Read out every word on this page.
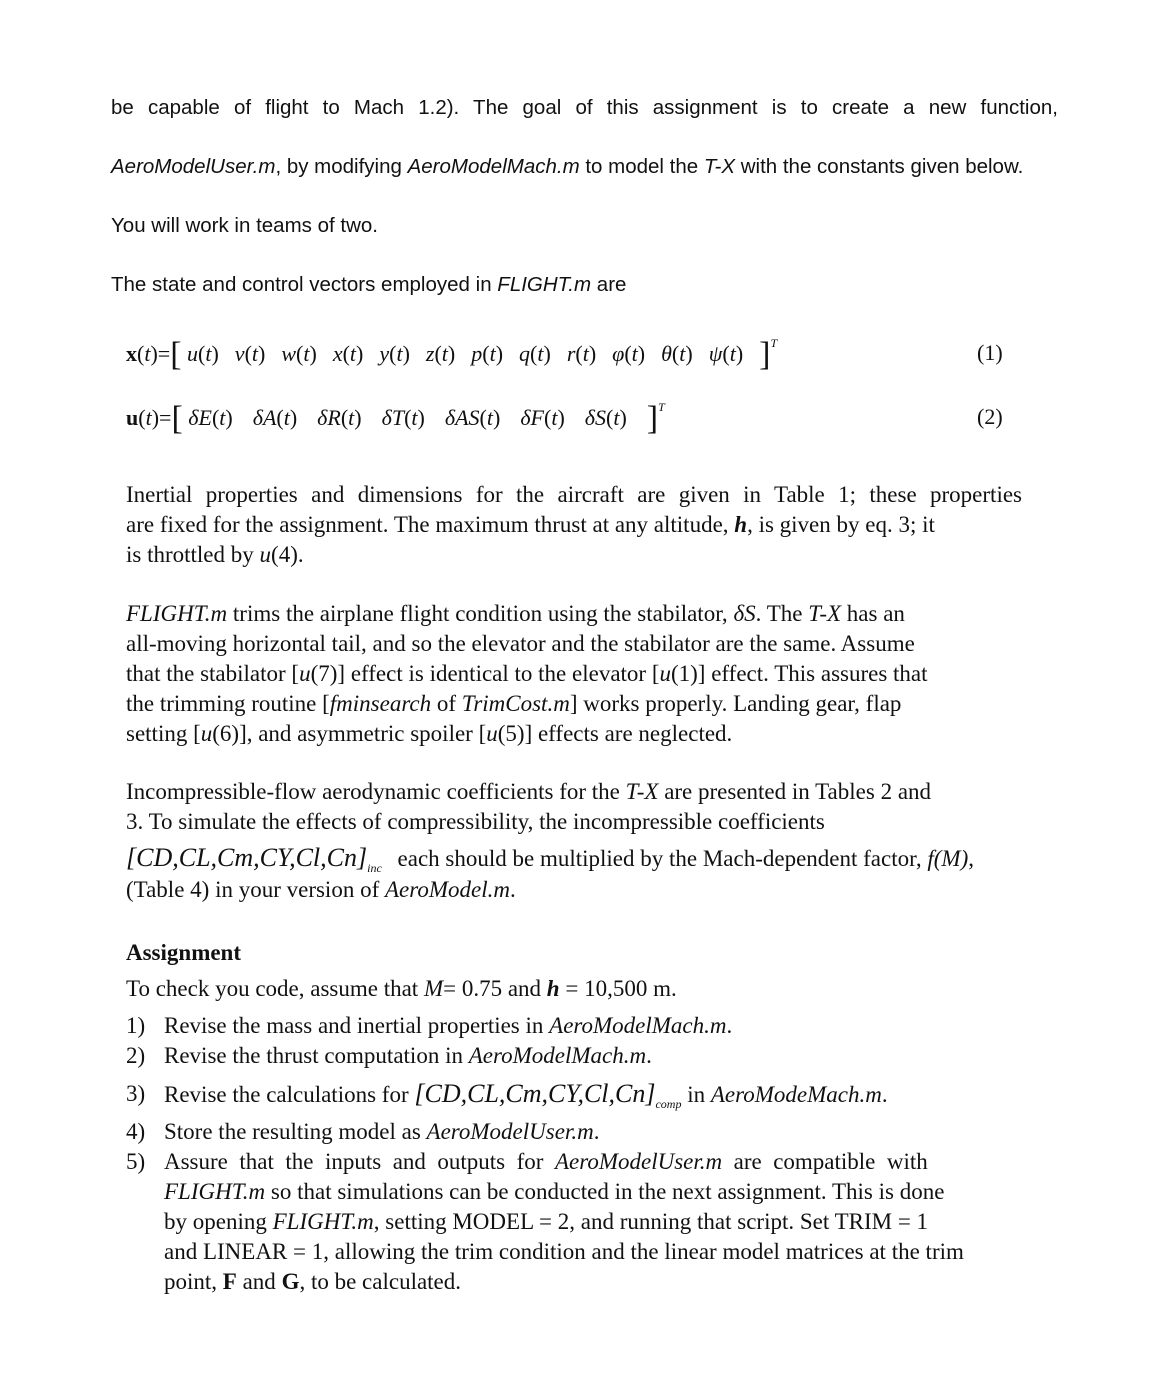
be capable of flight to Mach 1.2). The goal of this assignment is to create a new function,
AeroModelUser.m, by modifying AeroModelMach.m to model the T-X with the constants given below.
You will work in teams of two.
The state and control vectors employed in FLIGHT.m are
x(t)=[ u(t) v(t) w(t) x(t) y(t) z(t) p(t) q(t) r(t) φ(t) θ(t) ψ(t) ]$^T$	(1)
u(t)=[ δE(t) δA(t) δR(t) δT(t) δAS(t) δF(t) δS(t) ]$^T$	(2)
Inertial properties and dimensions for the aircraft are given in Table 1; these properties
are fixed for the assignment. The maximum thrust at any altitude, h, is given by eq. 3; it
is throttled by u(4).
FLIGHT.m trims the airplane flight condition using the stabilator, δS. The T-X has an
all-moving horizontal tail, and so the elevator and the stabilator are the same. Assume
that the stabilator [u(7)] effect is identical to the elevator [u(1)] effect. This assures that
the trimming routine [fminsearch of TrimCost.m] works properly. Landing gear, flap
setting [u(6)], and asymmetric spoiler [u(5)] effects are neglected.
Incompressible-flow aerodynamic coefficients for the T-X are presented in Tables 2 and
3. To simulate the effects of compressibility, the incompressible coefficients
$[CD,CL,Cm,CY,Cl,Cn]_{inc}$ each should be multiplied by the Mach-dependent factor, f(M),
(Table 4) in your version of AeroModel.m.
Assignment
To check you code, assume that M= 0.75 and h = 10,500 m.
1) Revise the mass and inertial properties in AeroModelMach.m.
2) Revise the thrust computation in AeroModelMach.m.
3) Revise the calculations for $[CD,CL,Cm,CY,Cl,Cn]_{comp}$ in AeroModeMach.m.
4) Store the resulting model as AeroModelUser.m.
5) Assure  that  the  inputs  and  outputs  for  AeroModelUser.m  are  compatible  with
FLIGHT.m so that simulations can be conducted in the next assignment. This is done
by opening FLIGHT.m, setting MODEL = 2, and running that script. Set TRIM = 1
and LINEAR = 1, allowing the trim condition and the linear model matrices at the trim
point, F and G, to be calculated.
